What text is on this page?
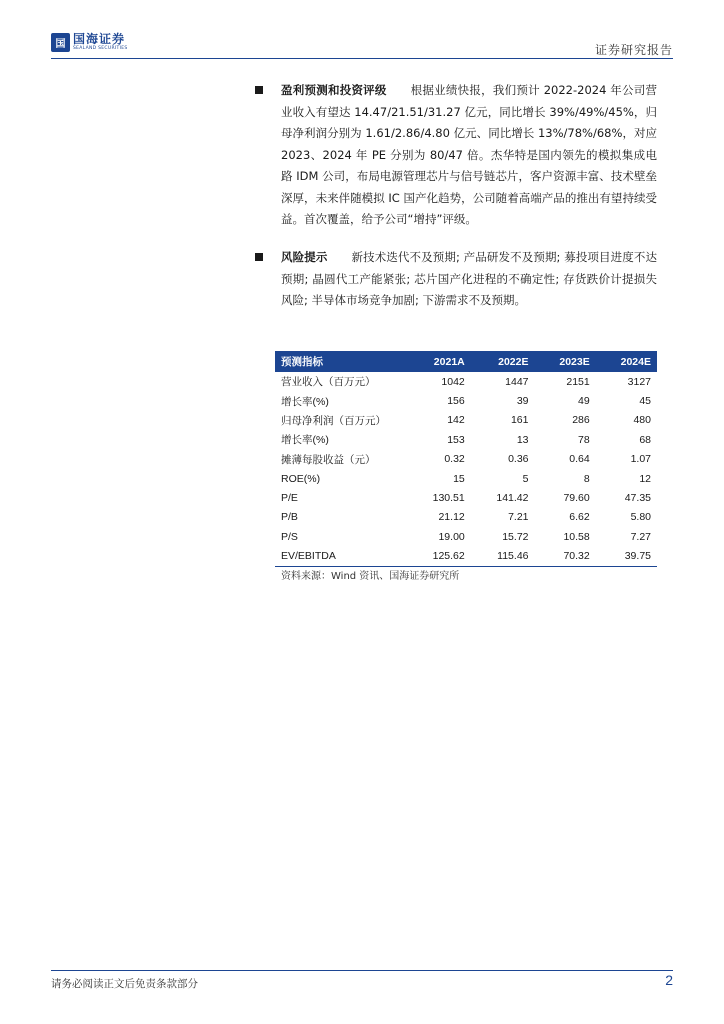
国 国海证券
SEALAND SECURITIES	证券研究报告
盈利预测和投资评级 根据业绩快报，我们预计 2022-2024 年公司营业收入有望达 14.47/21.51/31.27 亿元，同比增长 39%/49%/45%，归母净利润分别为 1.61/2.86/4.80 亿元、同比增长 13%/78%/68%，对应 2023、2024 年 PE 分别为 80/47 倍。杰华特是国内领先的模拟集成电路 IDM 公司，布局电源管理芯片与信号链芯片，客户资源丰富、技术壁垒深厚，未来伴随模拟 IC 国产化趋势，公司随着高端产品的推出有望持续受益。首次覆盖，给予公司“增持”评级。
风险提示 新技术迭代不及预期; 产品研发不及预期; 募投项目进度不达预期; 晶圆代工产能紧张; 芯片国产化进程的不确定性; 存货跌价计提损失风险; 半导体市场竞争加剧; 下游需求不及预期。
预测指标	2021A	2022E	2023E	2024E
营业收入（百万元）	1042	1447	2151	3127
增长率(%)	156	39	49	45
归母净利润（百万元）	142	161	286	480
增长率(%)	153	13	78	68
摊薄每股收益（元）	0.32	0.36	0.64	1.07
ROE(%)	15	5	8	12
P/E	130.51	141.42	79.60	47.35
P/B	21.12	7.21	6.62	5.80
P/S	19.00	15.72	10.58	7.27
EV/EBITDA	125.62	115.46	70.32	39.75
资料来源：Wind 资讯、国海证券研究所
请务必阅读正文后免责条款部分	2
